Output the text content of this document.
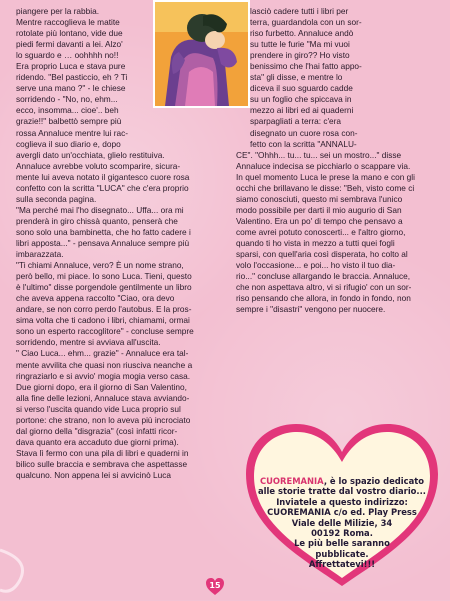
piangere per la rabbia.

Mentre raccoglieva le matite

rotolate più lontano, vide due

piedi fermi davanti a lei. Alzo'

lo sguardo e … oohhhh no!!

Era proprio Luca e stava pure

ridendo. "Bel pasticcio, eh ? Ti

serve una mano ?" - le chiese

sorridendo - "No, no, ehm...

ecco, insomma... cioe'.. beh

grazie!!" balbettò sempre più

rossa Annaluce mentre lui rac-

coglieva il suo diario e, dopo

avergli dato un'occhiata, glielo restituiva.

Annaluce avrebbe voluto scomparire, sicura-

mente lui aveva notato il gigantesco cuore rosa

confetto con la scritta "LUCA" che c'era proprio

sulla seconda pagina.

"Ma perché mai l'ho disegnato... Uffa... ora mi

prenderà in giro chissà quanto, penserà che

sono solo una bambinetta, che ho fatto cadere i

libri apposta..." - pensava Annaluce sempre più

imbarazzata.

"Ti chiami Annaluce, vero? È un nome strano,

però bello, mi piace. Io sono Luca. Tieni, questo

è l'ultimo" disse porgendole gentilmente un libro

che aveva appena raccolto "Ciao, ora devo

andare, se non corro perdo l'autobus. E la pros-

sima volta che ti cadono i libri, chiamami, ormai

sono un esperto raccoglitore" - concluse sempre

sorridendo, mentre si avviava all'uscita.

" Ciao Luca... ehm... grazie" - Annaluce era tal-

mente avvilita che quasi non riusciva neanche a

ringraziarlo e si avvio' mogia mogia verso casa.

Due giorni dopo, era il giorno di San Valentino,

alla fine delle lezioni, Annaluce stava avviando-

si verso l'uscita quando vide Luca proprio sul

portone: che strano, non lo aveva più incrociato

dal giorno della "disgrazia" (così infatti ricor-

dava quanto era accaduto due giorni prima).

Stava lì fermo con una pila di libri e quaderni in

bilico sulle braccia e sembrava che aspettasse

qualcuno. Non appena lei si avvicinò Luca

lasciò cadere tutti i libri per

terra, guardandola con un sor-

riso furbetto. Annaluce andò

su tutte le furie "Ma mi vuoi

prendere in giro?? Ho visto

benissimo che l'hai fatto appo-

sta" gli disse, e mentre lo

diceva il suo sguardo cadde

su un foglio che spiccava in

mezzo ai libri ed ai quaderni

sparpagliati a terra: c'era

disegnato un cuore rosa con-

fetto con la scritta "ANNALU-

CE". "Ohhh... tu... tu... sei un mostro..." disse

Annaluce indecisa se picchiarlo o scappare via.

In quel momento Luca le prese la mano e con gli

occhi che brillavano le disse: "Beh, visto come ci

siamo conosciuti, questo mi sembrava l'unico

modo possibile per darti il mio augurio di San

Valentino. Era un po' di tempo che pensavo a

come avrei potuto conoscerti... e l'altro giorno,

quando ti ho vista in mezzo a tutti quei fogli

sparsi, con quell'aria così disperata, ho colto al

volo l'occasione... e poi... ho visto il tuo dia-

rio..." concluse allargando le braccia. Annaluce,

che non aspettava altro, vi si rifugio' con un sor-

riso pensando che allora, in fondo in fondo, non

sempre i "disastri" vengono per nuocere.

CUOREMANIA, è lo spazio dedicato
alle storie tratte dal vostro diario...
Inviatele a questo indirizzo:
CUOREMANIA c/o ed. Play Press
Viale delle Milizie, 34
00192 Roma.
Le più belle saranno
pubblicate.
Affrettatevi!!!
15
